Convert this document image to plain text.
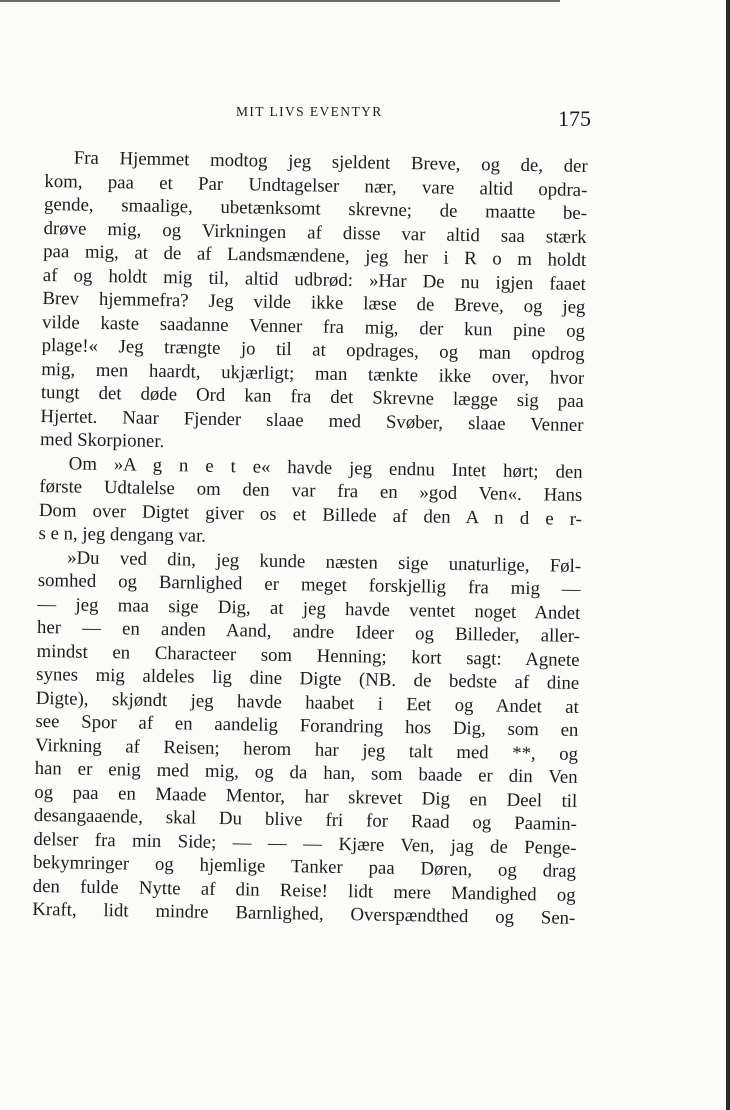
MIT LIVS EVENTYR	175
Fra Hjemmet modtog jeg sjeldent Breve, og de, der
kom, paa et Par Undtagelser nær, vare altid opdra-
gende, smaalige, ubetænksomt skrevne; de maatte be-
drøve mig, og Virkningen af disse var altid saa stærk
paa mig, at de af Landsmændene, jeg her i R o m holdt
af og holdt mig til, altid udbrød: »Har De nu igjen faaet
Brev hjemmefra? Jeg vilde ikke læse de Breve, og jeg
vilde kaste saadanne Venner fra mig, der kun pine og
plage!« Jeg trængte jo til at opdrages, og man opdrog
mig, men haardt, ukjærligt; man tænkte ikke over, hvor
tungt det døde Ord kan fra det Skrevne lægge sig paa
Hjertet. Naar Fjender slaae med Svøber, slaae Venner
med Skorpioner.
Om »A g n e t e« havde jeg endnu Intet hørt; den
første Udtalelse om den var fra en »god Ven«. Hans
Dom over Digtet giver os et Billede af den A n d e r-
s e n, jeg dengang var.
»Du ved din, jeg kunde næsten sige unaturlige, Føl-
somhed og Barnlighed er meget forskjellig fra mig —
— jeg maa sige Dig, at jeg havde ventet noget Andet
her — en anden Aand, andre Ideer og Billeder, aller-
mindst en Characteer som Henning; kort sagt: Agnete
synes mig aldeles lig dine Digte (NB. de bedste af dine
Digte), skjøndt jeg havde haabet i Eet og Andet at
see Spor af en aandelig Forandring hos Dig, som en
Virkning af Reisen; herom har jeg talt med **, og
han er enig med mig, og da han, som baade er din Ven
og paa en Maade Mentor, har skrevet Dig en Deel til
desangaaende, skal Du blive fri for Raad og Paamin-
delser fra min Side; — — — Kjære Ven, jag de Penge-
bekymringer og hjemlige Tanker paa Døren, og drag
den fulde Nytte af din Reise! lidt mere Mandighed og
Kraft, lidt mindre Barnlighed, Overspændthed og Sen-
